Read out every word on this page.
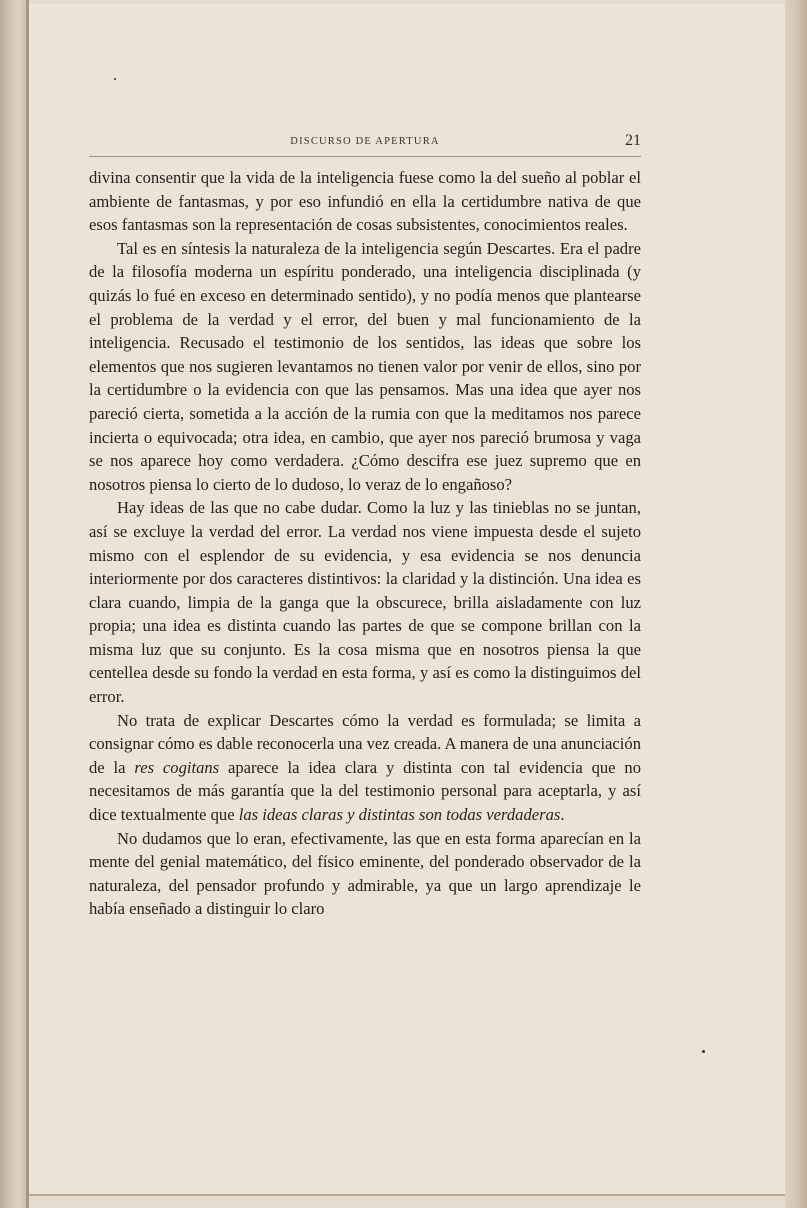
DISCURSO DE APERTURA	21

divina consentir que la vida de la inteligencia fuese como la del sueño al poblar el ambiente de fantasmas, y por eso infundió en ella la certidumbre nativa de que esos fantasmas son la representación de cosas subsistentes, conocimientos reales.

Tal es en síntesis la naturaleza de la inteligencia según Descartes. Era el padre de la filosofía moderna un espíritu ponderado, una inteligencia disciplinada (y quizás lo fué en exceso en determinado sentido), y no podía menos que plantearse el problema de la verdad y el error, del buen y mal funcionamiento de la inteligencia. Recusado el testimonio de los sentidos, las ideas que sobre los elementos que nos sugieren levantamos no tienen valor por venir de ellos, sino por la certidumbre o la evidencia con que las pensamos. Mas una idea que ayer nos pareció cierta, sometida a la acción de la rumia con que la meditamos nos parece incierta o equivocada; otra idea, en cambio, que ayer nos pareció brumosa y vaga se nos aparece hoy como verdadera. ¿Cómo descifra ese juez supremo que en nosotros piensa lo cierto de lo dudoso, lo veraz de lo engañoso?

Hay ideas de las que no cabe dudar. Como la luz y las tinieblas no se juntan, así se excluye la verdad del error. La verdad nos viene impuesta desde el sujeto mismo con el esplendor de su evidencia, y esa evidencia se nos denuncia interiormente por dos caracteres distintivos: la claridad y la distinción. Una idea es clara cuando, limpia de la ganga que la obscurece, brilla aisladamente con luz propia; una idea es distinta cuando las partes de que se compone brillan con la misma luz que su conjunto. Es la cosa misma que en nosotros piensa la que centellea desde su fondo la verdad en esta forma, y así es como la distinguimos del error.

No trata de explicar Descartes cómo la verdad es formulada; se limita a consignar cómo es dable reconocerla una vez creada. A manera de una anunciación de la res cogitans aparece la idea clara y distinta con tal evidencia que no necesitamos de más garantía que la del testimonio personal para aceptarla, y así dice textualmente que las ideas claras y distintas son todas verdaderas.

No dudamos que lo eran, efectivamente, las que en esta forma aparecían en la mente del genial matemático, del físico eminente, del ponderado observador de la naturaleza, del pensador profundo y admirable, ya que un largo aprendizaje le había enseñado a distinguir lo claro
